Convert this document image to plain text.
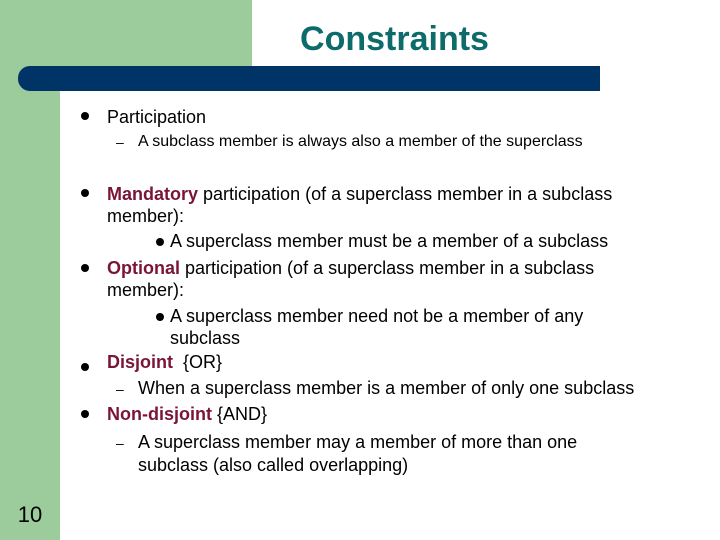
Constraints
10
Participation
– A subclass member is always also a member of the superclass
Mandatory participation (of a superclass member in a subclass
member):
A superclass member must be a member of a subclass
Optional participation (of a superclass member in a subclass
member):
A superclass member need not be a member of any
subclass
Disjoint  {OR}
– When a superclass member is a member of only one subclass
Non-disjoint {AND}
– A superclass member may a member of more than one
subclass (also called overlapping)
